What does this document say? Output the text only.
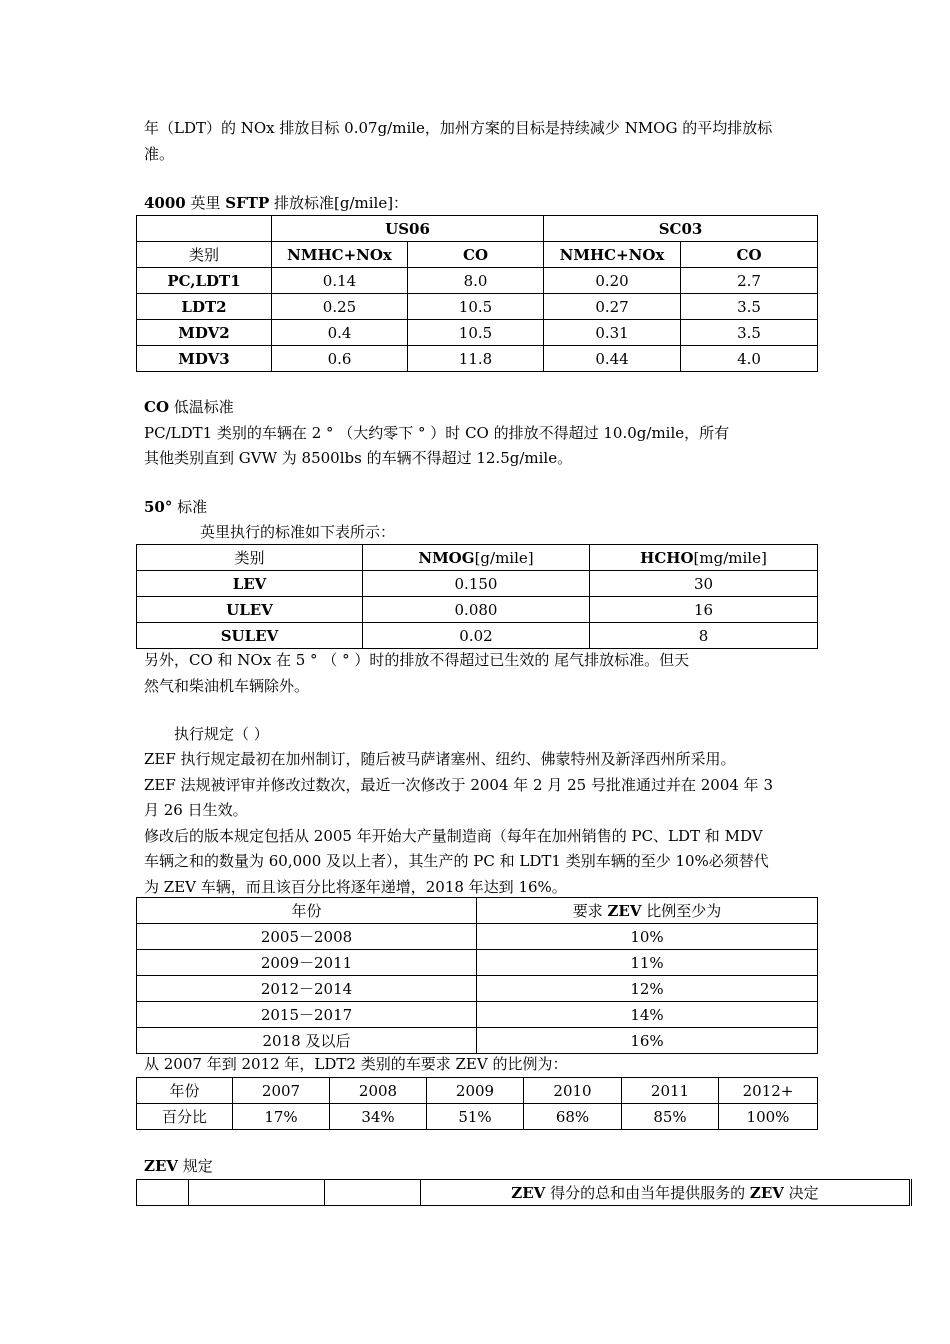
年（LDT）的 NOx 排放目标 0.07g/mile，加州方案的目标是持续减少 NMOG 的平均排放标
准。

4000 英里 SFTP 排放标准[g/mile]：

	US06		SC03	
类别	NMHC+NOx	CO	NMHC+NOx	CO
PC,LDT1	0.14	8.0	0.20	2.7
LDT2	0.25	10.5	0.27	3.5
MDV2	0.4	10.5	0.31	3.5
MDV3	0.6	11.8	0.44	4.0

CO 低温标准
PC/LDT1 类别的车辆在 2 ° （大约零下 ° ）时 CO 的排放不得超过 10.0g/mile，所有
其他类别直到 GVW 为 8500lbs 的车辆不得超过 12.5g/mile。

50° 标准

英里执行的标准如下表所示：

类别	NMOG[g/mile]	HCHO[mg/mile]
LEV	0.150	30
ULEV	0.080	16
SULEV	0.02	8

另外，CO 和 NOx 在 5 ° （ ° ）时的排放不得超过已生效的 尾气排放标准。但天
然气和柴油机车辆除外。

执行规定（ ）

ZEF 执行规定最初在加州制订，随后被马萨诸塞州、纽约、佛蒙特州及新泽西州所采用。
ZEF 法规被评审并修改过数次，最近一次修改于 2004 年 2 月 25 号批准通过并在 2004 年 3
月 26 日生效。
修改后的版本规定包括从 2005 年开始大产量制造商（每年在加州销售的 PC、LDT 和 MDV
车辆之和的数量为 60,000 及以上者），其生产的 PC 和 LDT1 类别车辆的至少 10%必须替代
为 ZEV 车辆，而且该百分比将逐年递增，2018 年达到 16%。

年份	要求 ZEV 比例至少为
2005－2008	10%
2009－2011	11%
2012－2014	12%
2015－2017	14%
2018 及以后	16%

从 2007 年到 2012 年，LDT2 类别的车要求 ZEV 的比例为：

年份	2007	2008	2009	2010	2011	2012+
百分比	17%	34%	51%	68%	85%	100%

ZEV 规定

			ZEV 得分的总和由当年提供服务的 ZEV 决定
